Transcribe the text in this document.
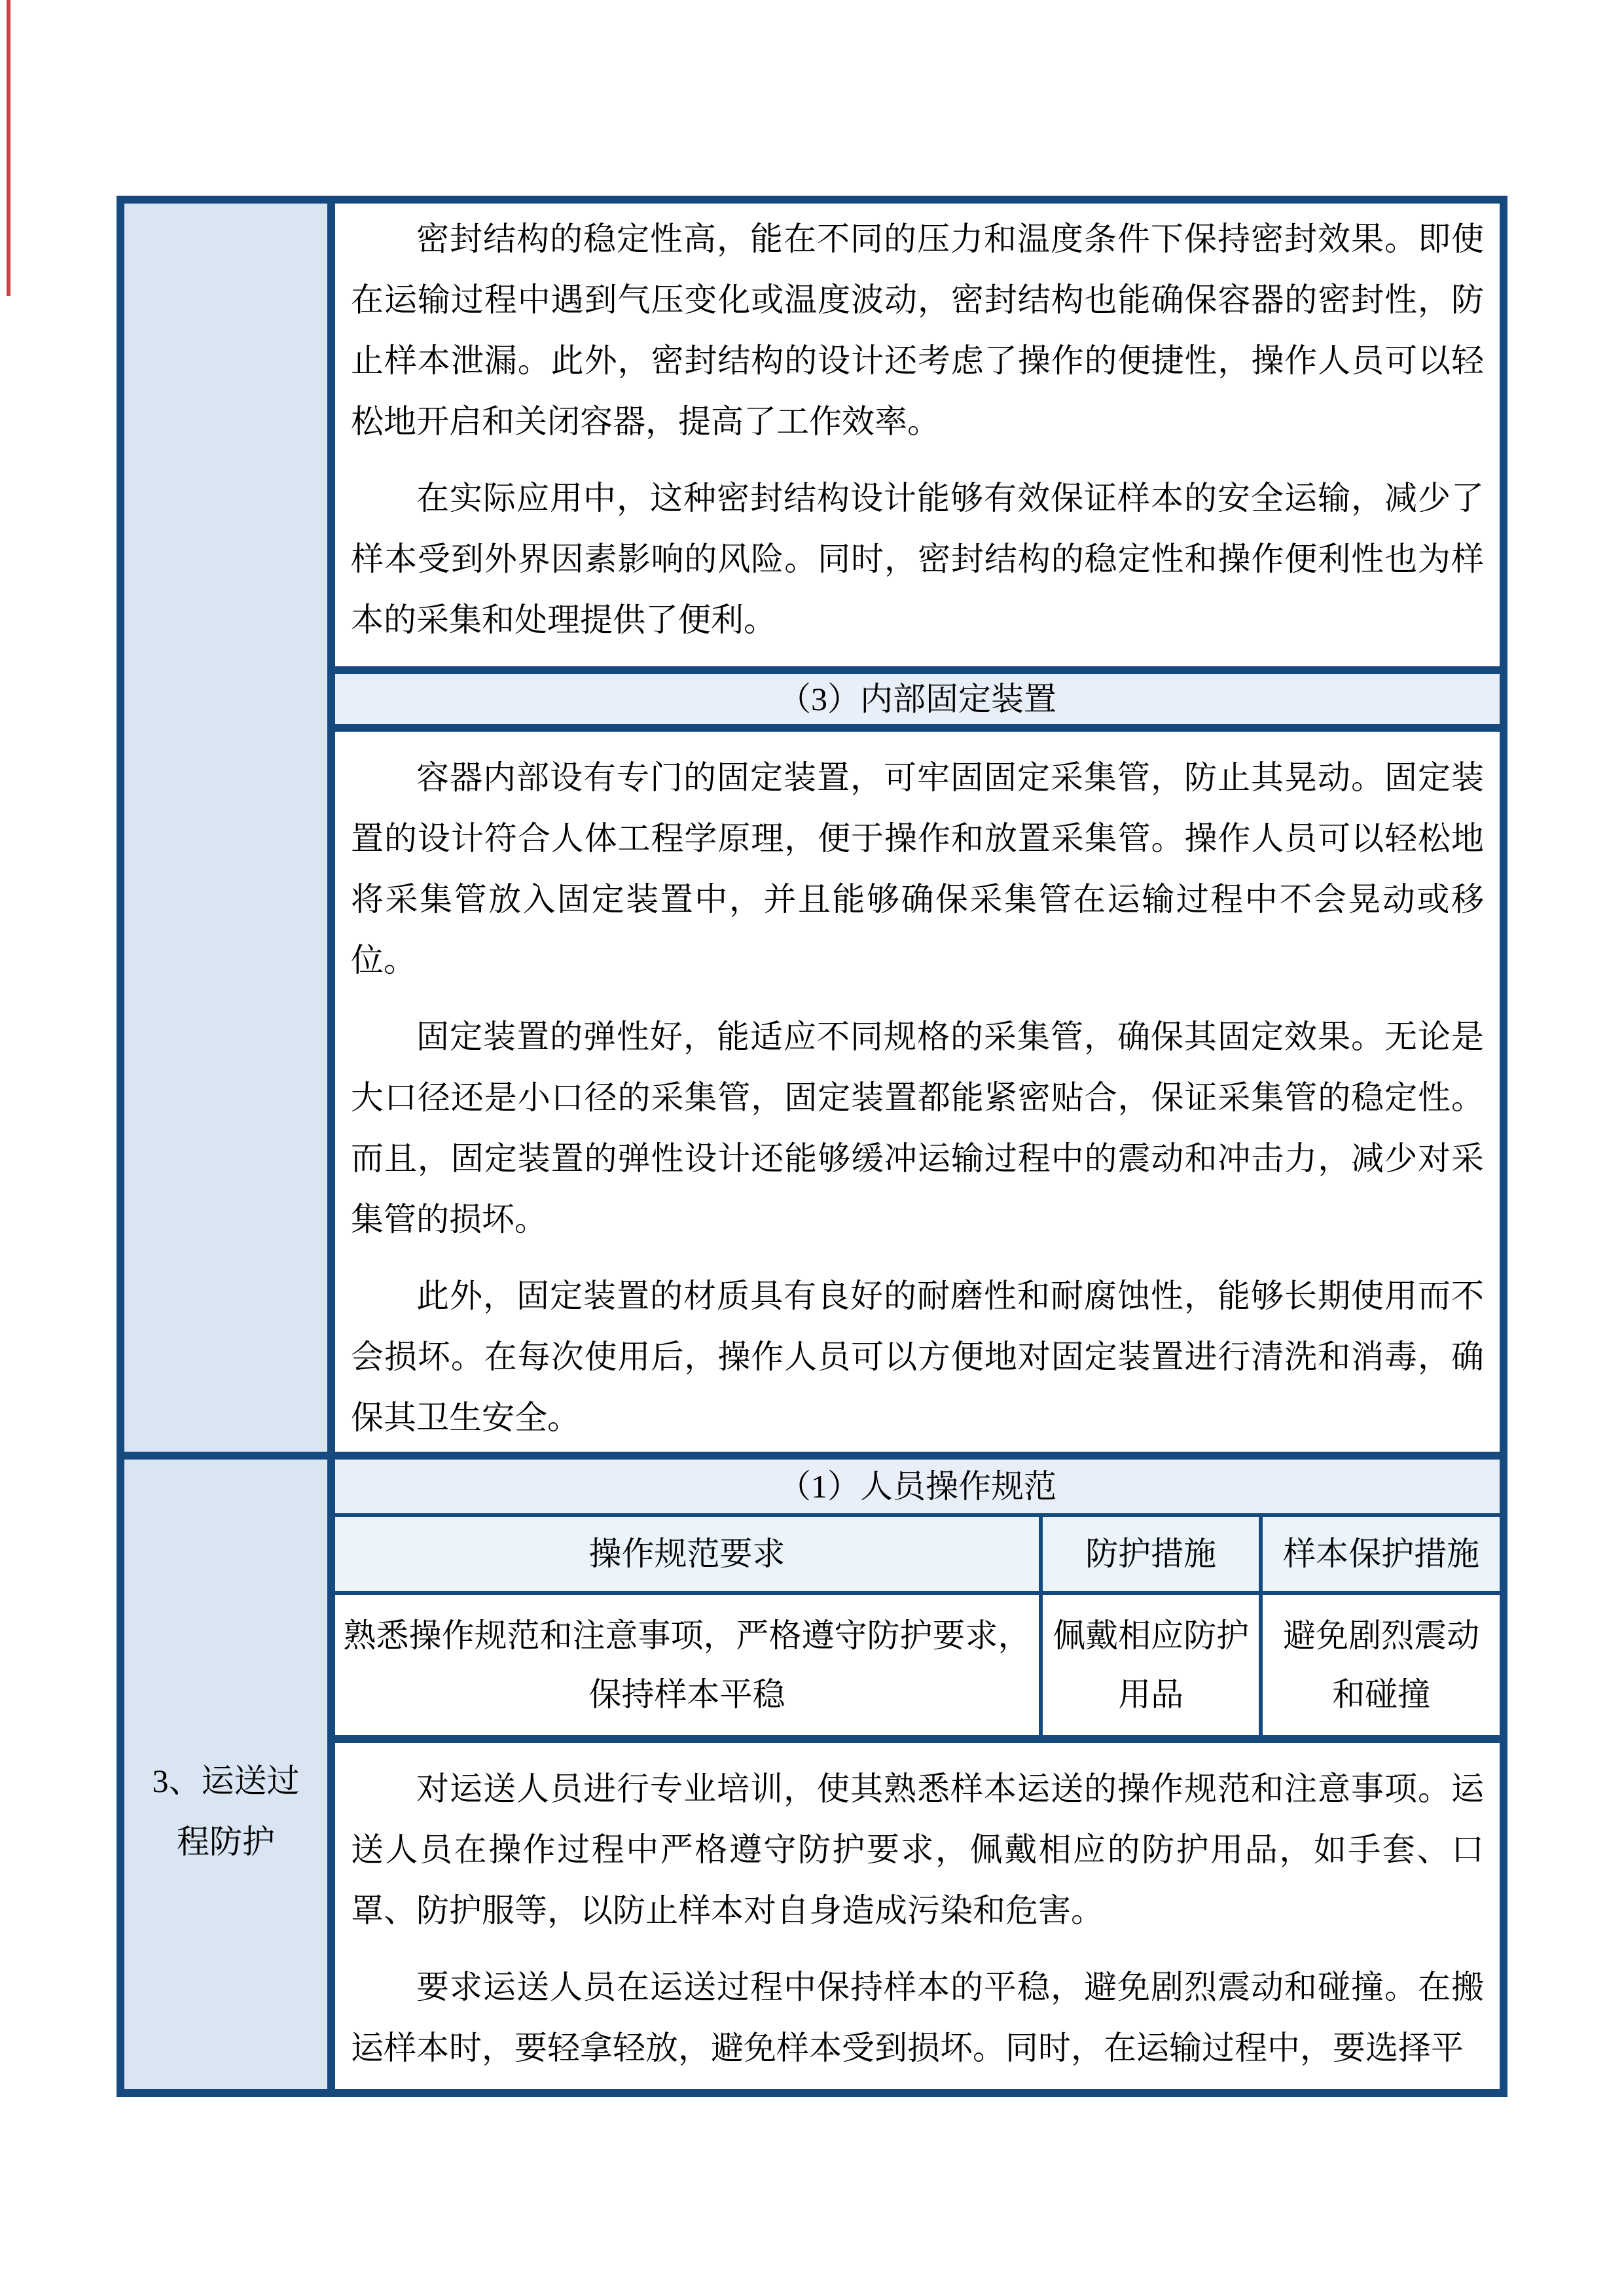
密封结构的稳定性高，能在不同的压力和温度条件下保持密封效果。即使在运输过程中遇到气压变化或温度波动，密封结构也能确保容器的密封性，防止样本泄漏。此外，密封结构的设计还考虑了操作的便捷性，操作人员可以轻松地开启和关闭容器，提高了工作效率。

在实际应用中，这种密封结构设计能够有效保证样本的安全运输，减少了样本受到外界因素影响的风险。同时，密封结构的稳定性和操作便利性也为样本的采集和处理提供了便利。

（3）内部固定装置

容器内部设有专门的固定装置，可牢固固定采集管，防止其晃动。固定装置的设计符合人体工程学原理，便于操作和放置采集管。操作人员可以轻松地将采集管放入固定装置中，并且能够确保采集管在运输过程中不会晃动或移位。

固定装置的弹性好，能适应不同规格的采集管，确保其固定效果。无论是大口径还是小口径的采集管，固定装置都能紧密贴合，保证采集管的稳定性。而且，固定装置的弹性设计还能够缓冲运输过程中的震动和冲击力，减少对采集管的损坏。

此外，固定装置的材质具有良好的耐磨性和耐腐蚀性，能够长期使用而不会损坏。在每次使用后，操作人员可以方便地对固定装置进行清洗和消毒，确保其卫生安全。

3、运送过程防护
（1）人员操作规范
操作规范要求	防护措施	样本保护措施
熟悉操作规范和注意事项，严格遵守防护要求，保持样本平稳	佩戴相应防护用品	避免剧烈震动和碰撞

对运送人员进行专业培训，使其熟悉样本运送的操作规范和注意事项。运送人员在操作过程中严格遵守防护要求，佩戴相应的防护用品，如手套、口罩、防护服等，以防止样本对自身造成污染和危害。

要求运送人员在运送过程中保持样本的平稳，避免剧烈震动和碰撞。在搬运样本时，要轻拿轻放，避免样本受到损坏。同时，在运输过程中，要选择平
